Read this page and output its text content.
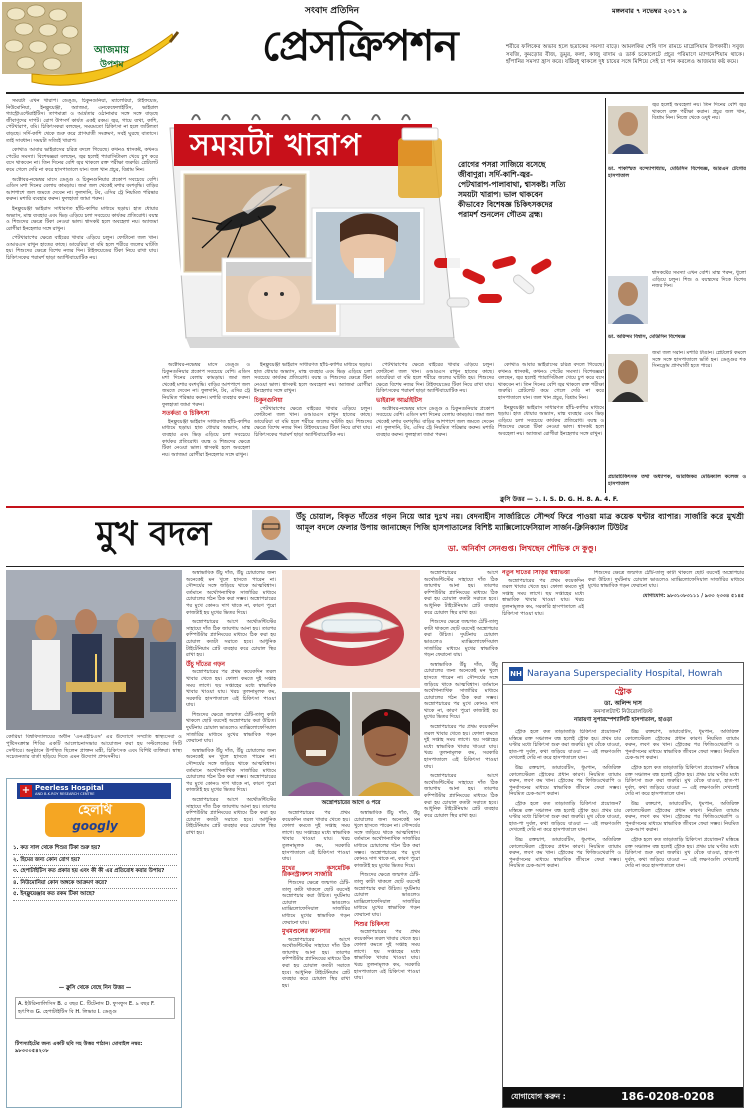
আজমায়
উপশম
সংবাদ প্রতিদিন
প্রেসক্রিপশন
মঙ্গলবার ৭ নভেম্বর ২০১৭ ৯
শরীরে ফলিকের অভাব হলে ছত্রাকের সমস্যা বাড়ে। আমলকির শেষি দাস রামচে মাগ্নেসিয়াম উপকারী। সবুজ সবজি, কুমড়োর বীজ, ডুমুর, কলা, কাজু বাদাম ও ডার্ক চকোলেটে প্রচুর পরিমাণে ম্যাগনেশিয়াম থাকে। হাঁপানির সমস্যা হ্রাস করে। যষ্টিমধু থাকলে দুধ চায়ের সঙ্গে মিশিয়ে সেই চা পান করলেও আজমার কষ্ট কমে।

সময়টা এখন খারাপ। ডেঙ্গু, চিকুনগুনিয়া, ম্যালেরিয়া, টাইফয়েড, নিউমোনিয়া, ইনফ্লুয়েঞ্জা, অ্যাজমা, এনকেফেলাইটিস, ভাইরাল গ্যাস্ট্রোএন্টেরাইটিস। তাপমাত্রা ও আর্দ্রতার ওঠানামার সঙ্গে সঙ্গে বাড়ছে জীবাণুদের দাপট। রোগ উপসর্গ কার্যত একই রকম। জ্বর, গায়ে ব্যথা, কাশি, পেটখারাপ, বমি। চিকিৎসকরা বলছেন, সময়মতো চিকিৎসা না হলে জটিলতা বাড়ছে। সর্দি-কাশি থেকে শুরু করে প্রাণঘাতী সংক্রমণ, সবই ঘুরছে বাতাসে। তাই সাবধান। সময়টা সত্যিই খারাপ।

কোথাও আবার ভাইরাসের চরিত্র বদলে গিয়েছে। কখনও শ্বাসকষ্ট, কখনও পেটের সমস্যা। বিশেষজ্ঞরা বলছেন, জ্বর হলেই প্যারাসিটামল খেয়ে চুপ করে বসে থাকবেন না। তিন দিনের বেশি জ্বর থাকলে রক্ত পরীক্ষা জরুরি। প্লেটলেট কমে গেলে দেরি না করে হাসপাতালে যান। জল খান প্রচুর, বিশ্রাম নিন।

অক্টোবর-নভেম্বর মাসে ডেঙ্গু ও চিকুনগুনিয়ার প্রকোপ সবচেয়ে বেশি। এডিস মশা দিনের বেলায় কামড়ায়। জমা জল থেকেই মশার বংশবৃদ্ধি। বাড়ির আশপাশে জল জমতে দেবেন না। ফুলদানি, টব, এসির ট্রে নিয়মিত পরিষ্কার করুন। মশারি ব্যবহার করুন। ফুলহাতা জামা পরুন।

ইনফ্লুয়েঞ্জা ভাইরাস সাধারণত হাঁচি-কাশির মাধ্যমে ছড়ায়। হাত ধোয়ার অভ্যাস, মাস্ক ব্যবহার এবং ভিড় এড়িয়ে চলা সবচেয়ে কার্যকর প্রতিরোধ। বয়স্ক ও শিশুদের ক্ষেত্রে টিকা নেওয়া ভাল। শ্বাসকষ্ট হলে অবহেলা নয়। অ্যাজমা রোগীরা ইনহেলার সঙ্গে রাখুন।

পেটখারাপের ক্ষেত্রে বাইরের খাবার এড়িয়ে চলুন। ফোটানো জল খান। ওআরএস রাখুন হাতের কাছে। ডায়েরিয়া বা বমি হলে শরীরে জলের ঘাটতি হয়। শিশুদের ক্ষেত্রে বিশেষ নজর দিন। টাইফয়েডের টিকা নিয়ে রাখা যায়। চিকিৎসকের পরামর্শ ছাড়া অ্যান্টিবায়োটিক নয়।

সময়টা খারাপ
রোগের পসরা সাজিয়ে বসেছে জীবাণুরা। সর্দি-কাশি-জ্বর-পেটখারাপ-পালাবাথা, শ্বাসকষ্ট। সত্যি সময়টা খারাপ। ভাল থাকবেন কীভাবে? বিশেষজ্ঞ চিকিৎসকদের পরামর্শ শুনলেন গৌতম ব্রহ্ম।

অক্টোবর-নভেম্বর মাসে ডেঙ্গু ও চিকুনগুনিয়ার প্রকোপ সবচেয়ে বেশি। এডিস মশা দিনের বেলায় কামড়ায়। জমা জল থেকেই মশার বংশবৃদ্ধি। বাড়ির আশপাশে জল জমতে দেবেন না। ফুলদানি, টব, এসির ট্রে নিয়মিত পরিষ্কার করুন। মশারি ব্যবহার করুন। ফুলহাতা জামা পরুন।

সতর্কতা ও চিকিৎসা

ইনফ্লুয়েঞ্জা ভাইরাস সাধারণত হাঁচি-কাশির মাধ্যমে ছড়ায়। হাত ধোয়ার অভ্যাস, মাস্ক ব্যবহার এবং ভিড় এড়িয়ে চলা সবচেয়ে কার্যকর প্রতিরোধ। বয়স্ক ও শিশুদের ক্ষেত্রে টিকা নেওয়া ভাল। শ্বাসকষ্ট হলে অবহেলা নয়। অ্যাজমা রোগীরা ইনহেলার সঙ্গে রাখুন।

ইনফ্লুয়েঞ্জা ভাইরাস সাধারণত হাঁচি-কাশির মাধ্যমে ছড়ায়। হাত ধোয়ার অভ্যাস, মাস্ক ব্যবহার এবং ভিড় এড়িয়ে চলা সবচেয়ে কার্যকর প্রতিরোধ। বয়স্ক ও শিশুদের ক্ষেত্রে টিকা নেওয়া ভাল। শ্বাসকষ্ট হলে অবহেলা নয়। অ্যাজমা রোগীরা ইনহেলার সঙ্গে রাখুন।

চিকুনগুনিয়া

পেটখারাপের ক্ষেত্রে বাইরের খাবার এড়িয়ে চলুন। ফোটানো জল খান। ওআরএস রাখুন হাতের কাছে। ডায়েরিয়া বা বমি হলে শরীরে জলের ঘাটতি হয়। শিশুদের ক্ষেত্রে বিশেষ নজর দিন। টাইফয়েডের টিকা নিয়ে রাখা যায়। চিকিৎসকের পরামর্শ ছাড়া অ্যান্টিবায়োটিক নয়।

পেটখারাপের ক্ষেত্রে বাইরের খাবার এড়িয়ে চলুন। ফোটানো জল খান। ওআরএস রাখুন হাতের কাছে। ডায়েরিয়া বা বমি হলে শরীরে জলের ঘাটতি হয়। শিশুদের ক্ষেত্রে বিশেষ নজর দিন। টাইফয়েডের টিকা নিয়ে রাখা যায়। চিকিৎসকের পরামর্শ ছাড়া অ্যান্টিবায়োটিক নয়।

ভাইরাল আর্থ্রাইটিস

অক্টোবর-নভেম্বর মাসে ডেঙ্গু ও চিকুনগুনিয়ার প্রকোপ সবচেয়ে বেশি। এডিস মশা দিনের বেলায় কামড়ায়। জমা জল থেকেই মশার বংশবৃদ্ধি। বাড়ির আশপাশে জল জমতে দেবেন না। ফুলদানি, টব, এসির ট্রে নিয়মিত পরিষ্কার করুন। মশারি ব্যবহার করুন। ফুলহাতা জামা পরুন।

কোথাও আবার ভাইরাসের চরিত্র বদলে গিয়েছে। কখনও শ্বাসকষ্ট, কখনও পেটের সমস্যা। বিশেষজ্ঞরা বলছেন, জ্বর হলেই প্যারাসিটামল খেয়ে চুপ করে বসে থাকবেন না। তিন দিনের বেশি জ্বর থাকলে রক্ত পরীক্ষা জরুরি। প্লেটলেট কমে গেলে দেরি না করে হাসপাতালে যান। জল খান প্রচুর, বিশ্রাম নিন।

ইনফ্লুয়েঞ্জা ভাইরাস সাধারণত হাঁচি-কাশির মাধ্যমে ছড়ায়। হাত ধোয়ার অভ্যাস, মাস্ক ব্যবহার এবং ভিড় এড়িয়ে চলা সবচেয়ে কার্যকর প্রতিরোধ। বয়স্ক ও শিশুদের ক্ষেত্রে টিকা নেওয়া ভাল। শ্বাসকষ্ট হলে অবহেলা নয়। অ্যাজমা রোগীরা ইনহেলার সঙ্গে রাখুন।

জ্বর হলেই অবহেলা নয়। তিন দিনের বেশি জ্বর থাকলে রক্ত পরীক্ষা করান। প্রচুর জল খান, বিশ্রাম নিন। নিজে থেকে ওষুধ নয়।
ডা. শাকস্মিত বন্দ্যোপাধ্যায়, মেডিসিন বিশেষজ্ঞ, আরএন টেগোর হাসপাতাল
শ্বাসকষ্টের সমস্যা এখন বেশি। মাস্ক পরুন, ধুলো এড়িয়ে চলুন। শিশু ও বয়স্কদের দিকে বিশেষ নজর দিন।
ডা. অরিন্দম বিশ্বাস, মেডিসিন বিশেষজ্ঞ
জমা জল সরান। মশারি টাঙান। প্লেটলেট কমলে সঙ্গে সঙ্গে হাসপাতালে ভর্তি হন। ডেঙ্গুর শক সিনড্রোম প্রাণঘাতী হতে পারে।
প্রচারচিকিৎসক তথা অধ্যাপক, আরজিকর মেডিক্যাল কলেজ ও হাসপাতাল
ক্লুসি উত্তর — ১. I. S. D. G. H. 8. A. 4. F.
মুখ বদল	উঁচু চোয়াল, বিকৃত দাঁতের গড়ন নিয়ে আর দুঃখ নয়। বেদনাহীন সার্জারিতে সৌন্দর্য ফিরে পাওয়া মাত্র কয়েক ঘণ্টার ব্যাপার। সার্জারি করে মুখশ্রী আমূল বদলে ফেলার উপায় জানাচ্ছেন পিজি হাসপাতালের বিশিষ্ট ম্যাক্সিলোফেসিয়াল সার্জন-ক্লিনিক্যাল টিউটর
ডা. অনির্বাণ সেনগুপ্ত। লিখছেন শৌভিক দে কুণ্ডু।
কোরিয়া বিশ্ববিদ্যালয়ের অধীন 'এনএইচিএস' এর উদ্যোগে সম্প্রতি স্বাস্থ্যসেবা ও পুষ্টিসংক্রান্ত শিবির একটি আলোচনাসভার আয়োজন করা হয় সল্টলেকের সিটি সেন্টারে। অনুষ্ঠানে উপস্থিত ছিলেন প্রাক্তন মন্ত্রী, চিকিৎসক এবং বিশিষ্ট ব্যক্তিরা। স্বাস্থ্য সচেতনতার বার্তা ছড়িয়ে দিতে এমন উদ্যোগ প্রশংসনীয়।
+ Peerless Hospital
AND B.K.ROY RESEARCH CENTRE
হেলথি
googly
১. কত সাল থেকে শিশুর টিকা শুরু হয়?
২. হিমের জন্য কোন রোগ হয়?
৩. হেপাটাইটিস কত প্রকার হয় এবং কী কী এর প্রতিরোধ করার উপায়?
৪. নিউমোনিয়া কোন অঙ্গকে আক্রমণ করে?
৫. ইনফ্লুয়েঞ্জার কত রকম টিকা আছে?
— ক্লুসি থেকে বেছে নিন উত্তর —
A. ইউরিন্যালিসিস B. ৫ বছর C. টিটেনাস D. ফুসফুস E. ৯ বছর F. হৃৎপিণ্ড G. হেপাটাইটিস বি H. লিভার I. ডেঙ্গু
টিপস্যাইটের জন্য একটি ছবি সহ উত্তর পাঠান। মোবাইল নম্বর: ৯৮৩৩০৫৪২০৮

অস্বাভাবিক উঁচু দাঁত, উঁচু চোয়ালের জন্য অনেকেই মন খুলে হাসতে পারেন না। সৌন্দর্যের সঙ্গে জড়িয়ে থাকে আত্মবিশ্বাস। বর্তমানে অর্থোগন্যাথিক সার্জারির মাধ্যমে চোয়ালের গঠন ঠিক করা সম্ভব। অস্ত্রোপচারের পর মুখে কোনও দাগ থাকে না, কারণ পুরো কাজটাই হয় মুখের ভিতর দিয়ে।

অস্ত্রোপচারের আগে অর্থোডন্টিস্টের সাহায্যে দাঁত ঠিক জায়গায় আনা হয়। তারপর কম্পিউটার প্ল্যানিংয়ের মাধ্যমে ঠিক করা হয় চোয়াল কতটা সরাতে হবে। আধুনিক টাইটেনিয়াম প্লেট ব্যবহার করে চোয়াল স্থির রাখা হয়।

উঁচু দাঁতের গড়ন

অস্ত্রোপচারের পর প্রথম কয়েকদিন তরল খাবার খেতে হয়। ফোলা কমতে দুই সপ্তাহ সময় লাগে। ছয় সপ্তাহের মধ্যে স্বাভাবিক খাবার খাওয়া যায়। খরচ তুলনামূলক কম, সরকারি হাসপাতালে এই চিকিৎসা পাওয়া যায়।

শিশুদের ক্ষেত্রে জন্মগত ঠোঁট-তালু কাটা থাকলে ছোট বয়সেই অস্ত্রোপচার করা উচিত। দুর্ঘটনায় চোয়াল ভাঙলেও ম্যাক্সিলোফেসিয়াল সার্জারির মাধ্যমে মুখের স্বাভাবিক গড়ন ফেরানো যায়।

অস্বাভাবিক উঁচু দাঁত, উঁচু চোয়ালের জন্য অনেকেই মন খুলে হাসতে পারেন না। সৌন্দর্যের সঙ্গে জড়িয়ে থাকে আত্মবিশ্বাস। বর্তমানে অর্থোগন্যাথিক সার্জারির মাধ্যমে চোয়ালের গঠন ঠিক করা সম্ভব। অস্ত্রোপচারের পর মুখে কোনও দাগ থাকে না, কারণ পুরো কাজটাই হয় মুখের ভিতর দিয়ে।

অস্ত্রোপচারের আগে অর্থোডন্টিস্টের সাহায্যে দাঁত ঠিক জায়গায় আনা হয়। তারপর কম্পিউটার প্ল্যানিংয়ের মাধ্যমে ঠিক করা হয় চোয়াল কতটা সরাতে হবে। আধুনিক টাইটেনিয়াম প্লেট ব্যবহার করে চোয়াল স্থির রাখা হয়।

অস্ত্রোপচারের আগে ও পরে

অস্ত্রোপচারের পর প্রথম কয়েকদিন তরল খাবার খেতে হয়। ফোলা কমতে দুই সপ্তাহ সময় লাগে। ছয় সপ্তাহের মধ্যে স্বাভাবিক খাবার খাওয়া যায়। খরচ তুলনামূলক কম, সরকারি হাসপাতালে এই চিকিৎসা পাওয়া যায়।

মুখের কসমেটিক রিকনস্ট্রাকশন সার্জারি

শিশুদের ক্ষেত্রে জন্মগত ঠোঁট-তালু কাটা থাকলে ছোট বয়সেই অস্ত্রোপচার করা উচিত। দুর্ঘটনায় চোয়াল ভাঙলেও ম্যাক্সিলোফেসিয়াল সার্জারির মাধ্যমে মুখের স্বাভাবিক গড়ন ফেরানো যায়।

মুখমণ্ডলের ক্যানসার

অস্ত্রোপচারের আগে অর্থোডন্টিস্টের সাহায্যে দাঁত ঠিক জায়গায় আনা হয়। তারপর কম্পিউটার প্ল্যানিংয়ের মাধ্যমে ঠিক করা হয় চোয়াল কতটা সরাতে হবে। আধুনিক টাইটেনিয়াম প্লেট ব্যবহার করে চোয়াল স্থির রাখা হয়।

অস্বাভাবিক উঁচু দাঁত, উঁচু চোয়ালের জন্য অনেকেই মন খুলে হাসতে পারেন না। সৌন্দর্যের সঙ্গে জড়িয়ে থাকে আত্মবিশ্বাস। বর্তমানে অর্থোগন্যাথিক সার্জারির মাধ্যমে চোয়ালের গঠন ঠিক করা সম্ভব। অস্ত্রোপচারের পর মুখে কোনও দাগ থাকে না, কারণ পুরো কাজটাই হয় মুখের ভিতর দিয়ে।

শিশুদের ক্ষেত্রে জন্মগত ঠোঁট-তালু কাটা থাকলে ছোট বয়সেই অস্ত্রোপচার করা উচিত। দুর্ঘটনায় চোয়াল ভাঙলেও ম্যাক্সিলোফেসিয়াল সার্জারির মাধ্যমে মুখের স্বাভাবিক গড়ন ফেরানো যায়।

শিশুর চিকিৎসা

অস্ত্রোপচারের পর প্রথম কয়েকদিন তরল খাবার খেতে হয়। ফোলা কমতে দুই সপ্তাহ সময় লাগে। ছয় সপ্তাহের মধ্যে স্বাভাবিক খাবার খাওয়া যায়। খরচ তুলনামূলক কম, সরকারি হাসপাতালে এই চিকিৎসা পাওয়া যায়।

অস্ত্রোপচারের আগে অর্থোডন্টিস্টের সাহায্যে দাঁত ঠিক জায়গায় আনা হয়। তারপর কম্পিউটার প্ল্যানিংয়ের মাধ্যমে ঠিক করা হয় চোয়াল কতটা সরাতে হবে। আধুনিক টাইটেনিয়াম প্লেট ব্যবহার করে চোয়াল স্থির রাখা হয়।

শিশুদের ক্ষেত্রে জন্মগত ঠোঁট-তালু কাটা থাকলে ছোট বয়সেই অস্ত্রোপচার করা উচিত। দুর্ঘটনায় চোয়াল ভাঙলেও ম্যাক্সিলোফেসিয়াল সার্জারির মাধ্যমে মুখের স্বাভাবিক গড়ন ফেরানো যায়।

অস্বাভাবিক উঁচু দাঁত, উঁচু চোয়ালের জন্য অনেকেই মন খুলে হাসতে পারেন না। সৌন্দর্যের সঙ্গে জড়িয়ে থাকে আত্মবিশ্বাস। বর্তমানে অর্থোগন্যাথিক সার্জারির মাধ্যমে চোয়ালের গঠন ঠিক করা সম্ভব। অস্ত্রোপচারের পর মুখে কোনও দাগ থাকে না, কারণ পুরো কাজটাই হয় মুখের ভিতর দিয়ে।

অস্ত্রোপচারের পর প্রথম কয়েকদিন তরল খাবার খেতে হয়। ফোলা কমতে দুই সপ্তাহ সময় লাগে। ছয় সপ্তাহের মধ্যে স্বাভাবিক খাবার খাওয়া যায়। খরচ তুলনামূলক কম, সরকারি হাসপাতালে এই চিকিৎসা পাওয়া যায়।

অস্ত্রোপচারের আগে অর্থোডন্টিস্টের সাহায্যে দাঁত ঠিক জায়গায় আনা হয়। তারপর কম্পিউটার প্ল্যানিংয়ের মাধ্যমে ঠিক করা হয় চোয়াল কতটা সরাতে হবে। আধুনিক টাইটেনিয়াম প্লেট ব্যবহার করে চোয়াল স্থির রাখা হয়।

নতুন দাতের সিঁড়ির স্বপ্নভিত্তা

অস্ত্রোপচারের পর প্রথম কয়েকদিন তরল খাবার খেতে হয়। ফোলা কমতে দুই সপ্তাহ সময় লাগে। ছয় সপ্তাহের মধ্যে স্বাভাবিক খাবার খাওয়া যায়। খরচ তুলনামূলক কম, সরকারি হাসপাতালে এই চিকিৎসা পাওয়া যায়।

শিশুদের ক্ষেত্রে জন্মগত ঠোঁট-তালু কাটা থাকলে ছোট বয়সেই অস্ত্রোপচার করা উচিত। দুর্ঘটনায় চোয়াল ভাঙলেও ম্যাক্সিলোফেসিয়াল সার্জারির মাধ্যমে মুখের স্বাভাবিক গড়ন ফেরানো যায়।

যোগাযোগ: ৯৮৩১০৮৩১১১ / ৯৩৩ ২৩৩৪ ৫১৪৫

NH Narayana Superspeciality Hospital, Howrah
স্ট্রোক
ডা. অলিন্দ দাস
কনসালট্যান্ট নিউরোলজিস্ট
নারায়ণা সুপারস্পেশ্যালিটি হাসপাতাল, হাওড়া

স্ট্রোক হলে কত তাড়াতাড়ি চিকিৎসা প্রয়োজন? মস্তিষ্কে রক্ত সঞ্চালন বন্ধ হলেই স্ট্রোক হয়। প্রথম চার ঘণ্টার মধ্যে চিকিৎসা শুরু করা জরুরি। মুখ বেঁকে যাওয়া, হাত-পা দুর্বল, কথা জড়িয়ে যাওয়া — এই লক্ষণগুলি দেখলেই দেরি না করে হাসপাতালে যান।

উচ্চ রক্তচাপ, ডায়াবেটিস, ধূমপান, অতিরিক্ত কোলেস্টেরল স্ট্রোকের প্রধান কারণ। নিয়মিত ব্যায়াম করুন, লবণ কম খান। স্ট্রোকের পর ফিজিওথেরাপি ও পুনর্বাসনের মাধ্যমে স্বাভাবিক জীবনে ফেরা সম্ভব। নিয়মিত চেক-আপ করান।

স্ট্রোক হলে কত তাড়াতাড়ি চিকিৎসা প্রয়োজন? মস্তিষ্কে রক্ত সঞ্চালন বন্ধ হলেই স্ট্রোক হয়। প্রথম চার ঘণ্টার মধ্যে চিকিৎসা শুরু করা জরুরি। মুখ বেঁকে যাওয়া, হাত-পা দুর্বল, কথা জড়িয়ে যাওয়া — এই লক্ষণগুলি দেখলেই দেরি না করে হাসপাতালে যান।

উচ্চ রক্তচাপ, ডায়াবেটিস, ধূমপান, অতিরিক্ত কোলেস্টেরল স্ট্রোকের প্রধান কারণ। নিয়মিত ব্যায়াম করুন, লবণ কম খান। স্ট্রোকের পর ফিজিওথেরাপি ও পুনর্বাসনের মাধ্যমে স্বাভাবিক জীবনে ফেরা সম্ভব। নিয়মিত চেক-আপ করান।

উচ্চ রক্তচাপ, ডায়াবেটিস, ধূমপান, অতিরিক্ত কোলেস্টেরল স্ট্রোকের প্রধান কারণ। নিয়মিত ব্যায়াম করুন, লবণ কম খান। স্ট্রোকের পর ফিজিওথেরাপি ও পুনর্বাসনের মাধ্যমে স্বাভাবিক জীবনে ফেরা সম্ভব। নিয়মিত চেক-আপ করান।

স্ট্রোক হলে কত তাড়াতাড়ি চিকিৎসা প্রয়োজন? মস্তিষ্কে রক্ত সঞ্চালন বন্ধ হলেই স্ট্রোক হয়। প্রথম চার ঘণ্টার মধ্যে চিকিৎসা শুরু করা জরুরি। মুখ বেঁকে যাওয়া, হাত-পা দুর্বল, কথা জড়িয়ে যাওয়া — এই লক্ষণগুলি দেখলেই দেরি না করে হাসপাতালে যান।

উচ্চ রক্তচাপ, ডায়াবেটিস, ধূমপান, অতিরিক্ত কোলেস্টেরল স্ট্রোকের প্রধান কারণ। নিয়মিত ব্যায়াম করুন, লবণ কম খান। স্ট্রোকের পর ফিজিওথেরাপি ও পুনর্বাসনের মাধ্যমে স্বাভাবিক জীবনে ফেরা সম্ভব। নিয়মিত চেক-আপ করান।

স্ট্রোক হলে কত তাড়াতাড়ি চিকিৎসা প্রয়োজন? মস্তিষ্কে রক্ত সঞ্চালন বন্ধ হলেই স্ট্রোক হয়। প্রথম চার ঘণ্টার মধ্যে চিকিৎসা শুরু করা জরুরি। মুখ বেঁকে যাওয়া, হাত-পা দুর্বল, কথা জড়িয়ে যাওয়া — এই লক্ষণগুলি দেখলেই দেরি না করে হাসপাতালে যান।

যোগাযোগ করুন :	186-0208-0208
